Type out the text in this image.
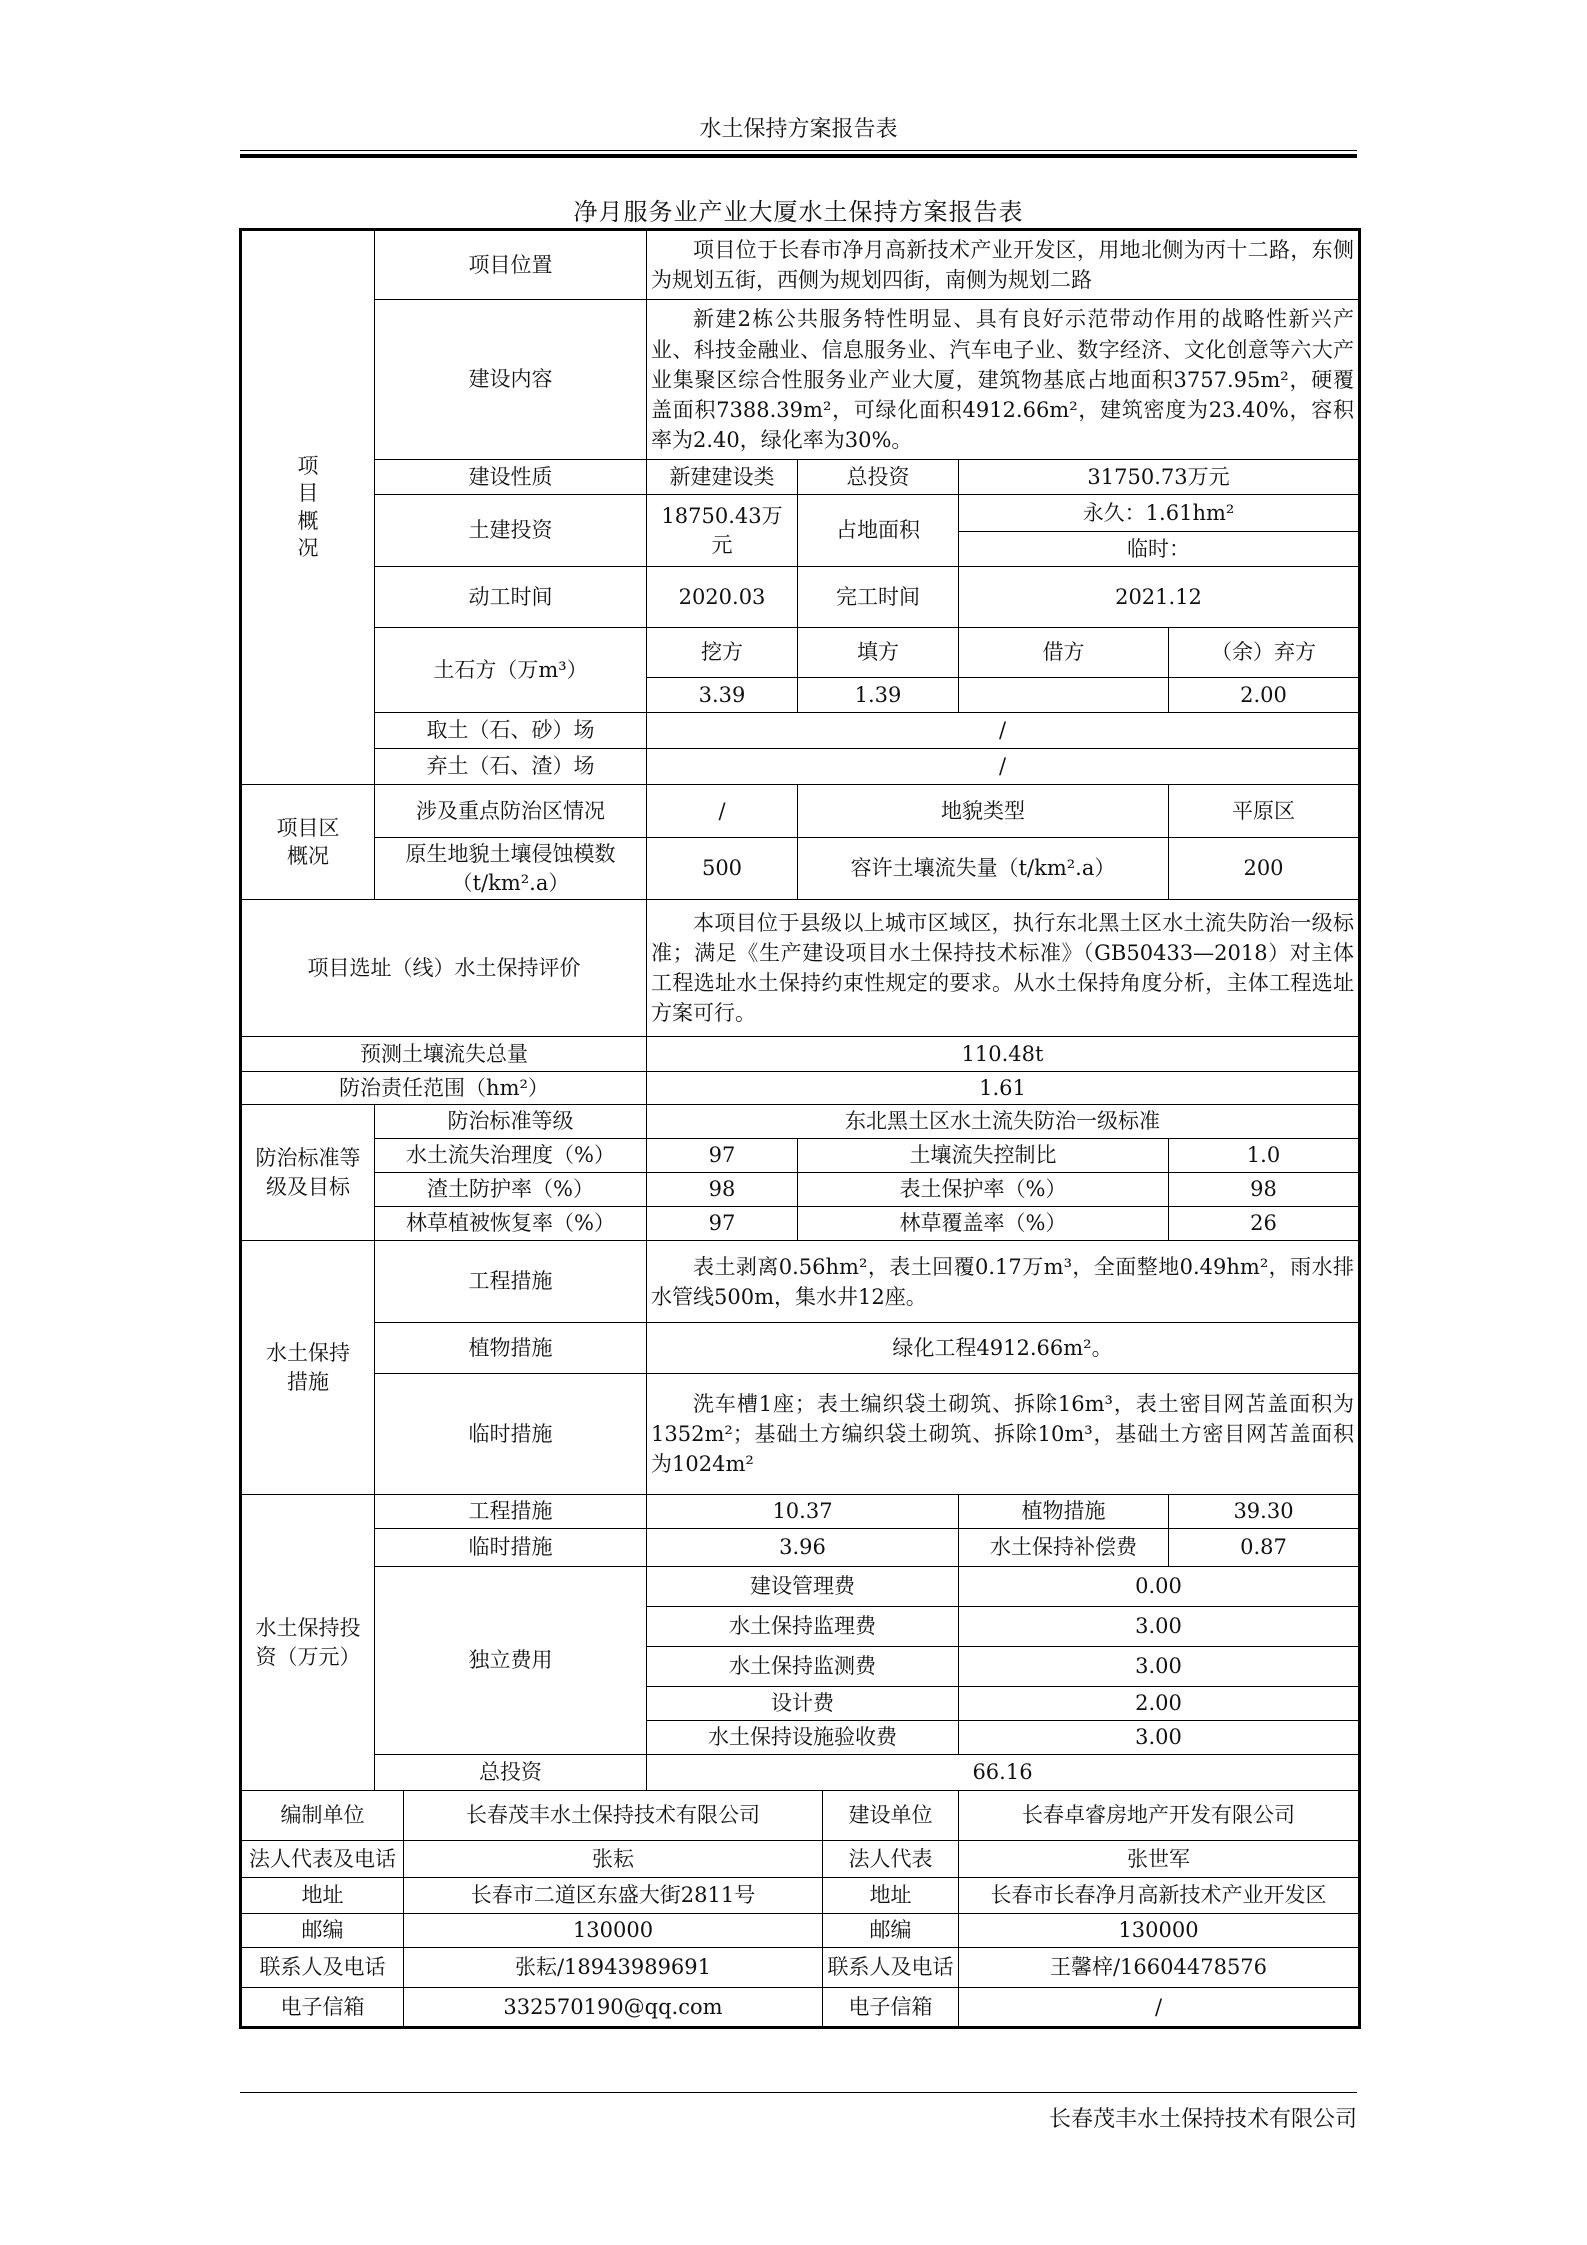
水土保持方案报告表
净月服务业产业大厦水土保持方案报告表
项目概况	项目位置		项目位于长春市净月高新技术产业开发区，用地北侧为丙十二路，东侧为规划五街，西侧为规划四街，南侧为规划二路				
	建设内容		新建2栋公共服务特性明显、具有良好示范带动作用的战略性新兴产业、科技金融业、信息服务业、汽车电子业、数字经济、文化创意等六大产业集聚区综合性服务业产业大厦，建筑物基底占地面积3757.95m²，硬覆盖面积7388.39m²，可绿化面积4912.66m²，建筑密度为23.40%，容积率为2.40，绿化率为30%。				
	建设性质		新建建设类	总投资		31750.73万元	
	土建投资		18750.43万元	占地面积		永久：1.61hm²	
						临时：	
	动工时间		2020.03	完工时间		2021.12	
	土石方（万m³）		挖方	填方		借方	（余）弃方
			3.39	1.39			2.00
	取土（石、砂）场		/				
	弃土（石、渣）场		/				
项目区概况	涉及重点防治区情况		/	地貌类型			平原区
	原生地貌土壤侵蚀模数（t/km².a）		500	容许土壤流失量（t/km².a）			200
项目选址（线）水土保持评价			本项目位于县级以上城市区域区，执行东北黑土区水土流失防治一级标准；满足《生产建设项目水土保持技术标准》（GB50433—2018）对主体工程选址水土保持约束性规定的要求。从水土保持角度分析，主体工程选址方案可行。				
预测土壤流失总量			110.48t				
防治责任范围（hm²）			1.61				
防治标准等级及目标	防治标准等级		东北黑土区水土流失防治一级标准				
	水土流失治理度（%）		97	土壤流失控制比			1.0
	渣土防护率（%）		98	表土保护率（%）			98
	林草植被恢复率（%）		97	林草覆盖率（%）			26
水土保持措施	工程措施		表土剥离0.56hm²，表土回覆0.17万m³，全面整地0.49hm²，雨水排水管线500m，集水井12座。				
	植物措施		绿化工程4912.66m²。				
	临时措施		洗车槽1座；表土编织袋土砌筑、拆除16m³，表土密目网苫盖面积为1352m²；基础土方编织袋土砌筑、拆除10m³，基础土方密目网苫盖面积为1024m²				
水土保持投资（万元）	工程措施		10.37			植物措施	39.30
	临时措施		3.96			水土保持补偿费	0.87
	独立费用		建设管理费			0.00	
			水土保持监理费			3.00	
			水土保持监测费			3.00	
			设计费			2.00	
			水土保持设施验收费			3.00	
	总投资		66.16				
编制单位		长春茂丰水土保持技术有限公司			建设单位	长春卓睿房地产开发有限公司	
法人代表及电话		张耘			法人代表	张世军	
地址		长春市二道区东盛大街2811号			地址	长春市长春净月高新技术产业开发区	
邮编		130000			邮编	130000	
联系人及电话		张耘/18943989691			联系人及电话	王馨梓/16604478576	
电子信箱		332570190@qq.com			电子信箱	/	
长春茂丰水土保持技术有限公司
